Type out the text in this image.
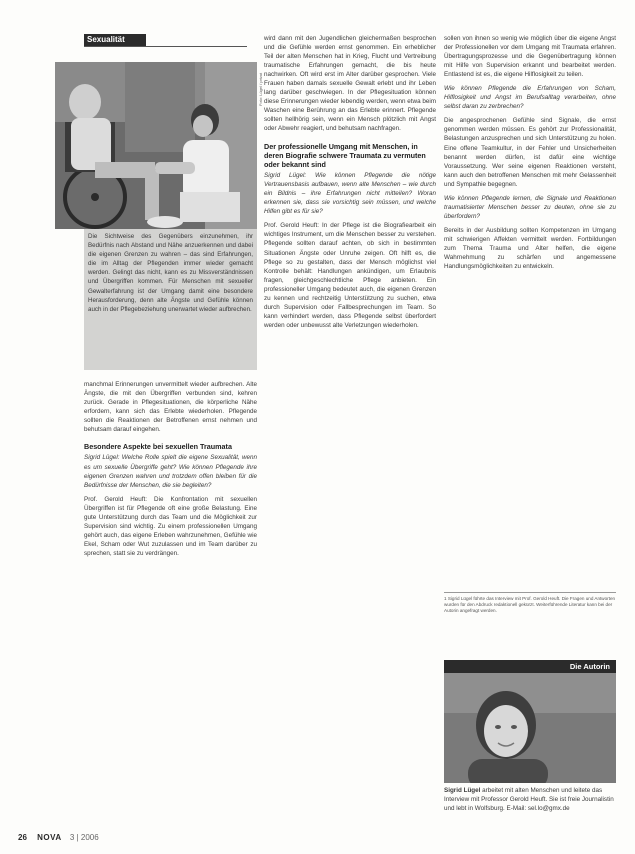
Sexualität
Foto: Lügel / privat
Die Sichtweise des Gegenübers einzunehmen, ihr Bedürfnis nach Abstand und Nähe anzuerkennen und dabei die eigenen Grenzen zu wahren – das sind Erfahrungen, die im Alltag der Pflegenden immer wieder gemacht werden. Gelingt das nicht, kann es zu Missverständnissen und Übergriffen kommen. Für Menschen mit sexueller Gewalterfahrung ist der Umgang damit eine besondere Herausforderung, denn alte Ängste und Gefühle können auch in der Pflegebeziehung unerwartet wieder aufbrechen.

manchmal Erinnerungen unvermittelt wieder aufbrechen. Alte Ängste, die mit den Übergriffen verbunden sind, kehren zurück. Gerade in Pflegesituationen, die körperliche Nähe erfordern, kann sich das Erlebte wiederholen. Pflegende sollten die Reaktionen der Betroffenen ernst nehmen und behutsam darauf eingehen.

Besondere Aspekte bei sexuellen Traumata

Sigrid Lügel: Welche Rolle spielt die eigene Sexualität, wenn es um sexuelle Übergriffe geht? Wie können Pflegende ihre eigenen Grenzen wahren und trotzdem offen bleiben für die Bedürfnisse der Menschen, die sie begleiten?

Prof. Gerold Heuft: Die Konfrontation mit sexuellen Übergriffen ist für Pflegende oft eine große Belastung. Eine gute Unterstützung durch das Team und die Möglichkeit zur Supervision sind wichtig. Zu einem professionellen Umgang gehört auch, das eigene Erleben wahrzunehmen, Gefühle wie Ekel, Scham oder Wut zuzulassen und im Team darüber zu sprechen, statt sie zu verdrängen.

wird dann mit den Jugendlichen gleichermaßen besprochen und die Gefühle werden ernst genommen. Ein erheblicher Teil der alten Menschen hat in Krieg, Flucht und Vertreibung traumatische Erfahrungen gemacht, die bis heute nachwirken. Oft wird erst im Alter darüber gesprochen. Viele Frauen haben damals sexuelle Gewalt erlebt und ihr Leben lang darüber geschwiegen. In der Pflegesituation können diese Erinnerungen wieder lebendig werden, wenn etwa beim Waschen eine Berührung an das Erlebte erinnert. Pflegende sollten hellhörig sein, wenn ein Mensch plötzlich mit Angst oder Abwehr reagiert, und behutsam nachfragen.

Der professionelle Umgang mit Menschen, in deren Biografie schwere Traumata zu vermuten oder bekannt sind

Sigrid Lügel: Wie können Pflegende die nötige Vertrauensbasis aufbauen, wenn alte Menschen – wie durch ein Bildnis – ihre Erfahrungen nicht mitteilen? Woran erkennen sie, dass sie vorsichtig sein müssen, und welche Hilfen gibt es für sie?

Prof. Gerold Heuft: In der Pflege ist die Biografiearbeit ein wichtiges Instrument, um die Menschen besser zu verstehen. Pflegende sollten darauf achten, ob sich in bestimmten Situationen Ängste oder Unruhe zeigen. Oft hilft es, die Pflege so zu gestalten, dass der Mensch möglichst viel Kontrolle behält: Handlungen ankündigen, um Erlaubnis fragen, gleichgeschlechtliche Pflege anbieten. Ein professioneller Umgang bedeutet auch, die eigenen Grenzen zu kennen und rechtzeitig Unterstützung zu suchen, etwa durch Supervision oder Fallbesprechungen im Team. So kann verhindert werden, dass Pflegende selbst überfordert werden oder unbewusst alte Verletzungen wiederholen.

sollen von ihnen so wenig wie möglich über die eigene Angst der Professionellen vor dem Umgang mit Traumata erfahren. Übertragungsprozesse und die Gegenübertragung können mit Hilfe von Supervision erkannt und bearbeitet werden. Entlastend ist es, die eigene Hilflosigkeit zu teilen.

Wie können Pflegende die Erfahrungen von Scham, Hilflosigkeit und Angst im Berufsalltag verarbeiten, ohne selbst daran zu zerbrechen?

Die angesprochenen Gefühle sind Signale, die ernst genommen werden müssen. Es gehört zur Professionalität, Belastungen anzusprechen und sich Unterstützung zu holen. Eine offene Teamkultur, in der Fehler und Unsicherheiten benannt werden dürfen, ist dafür eine wichtige Voraussetzung. Wer seine eigenen Reaktionen versteht, kann auch den betroffenen Menschen mit mehr Gelassenheit und Sympathie begegnen.

Wie können Pflegende lernen, die Signale und Reaktionen traumatisierter Menschen besser zu deuten, ohne sie zu überfordern?

Bereits in der Ausbildung sollten Kompetenzen im Umgang mit schwierigen Affekten vermittelt werden. Fortbildungen zum Thema Trauma und Alter helfen, die eigene Wahrnehmung zu schärfen und angemessene Handlungsmöglichkeiten zu entwickeln.

1 Sigrid Lügel führte das Interview mit Prof. Gerold Heuft. Die Fragen und Antworten wurden für den Abdruck redaktionell gekürzt. Weiterführende Literatur kann bei der Autorin angefragt werden.
Die Autorin
Sigrid Lügel arbeitet mit alten Menschen und leitete das Interview mit Professor Gerold Heuft. Sie ist freie Journalistin und lebt in Wolfsburg. E-Mail: sel.lo@gmx.de
26 NOVA 3 | 2006
